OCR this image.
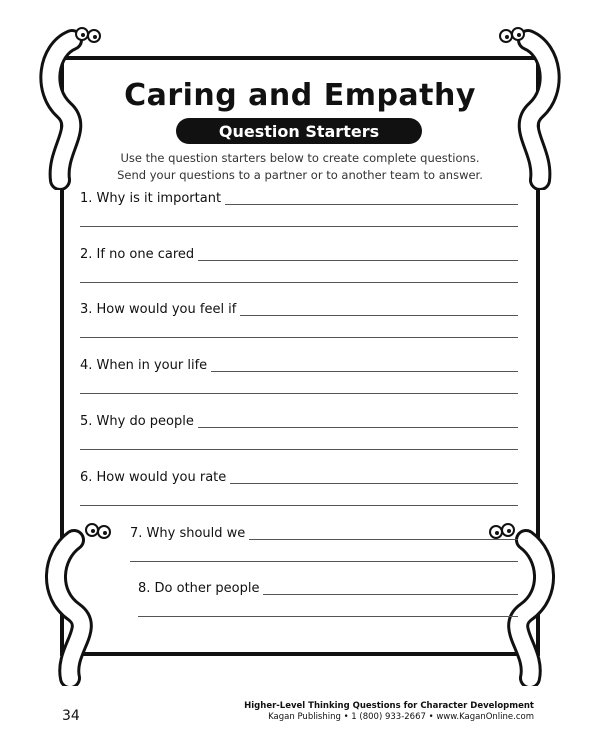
Caring and Empathy
Question Starters
Use the question starters below to create complete questions.
Send your questions to a partner or to another team to answer.
1. Why is it important
2. If no one cared
3. How would you feel if
4. When in your life
5. Why do people
6. How would you rate
7. Why should we
8. Do other people
34
Higher-Level Thinking Questions for Character Development
Kagan Publishing • 1 (800) 933-2667 • www.KaganOnline.com
